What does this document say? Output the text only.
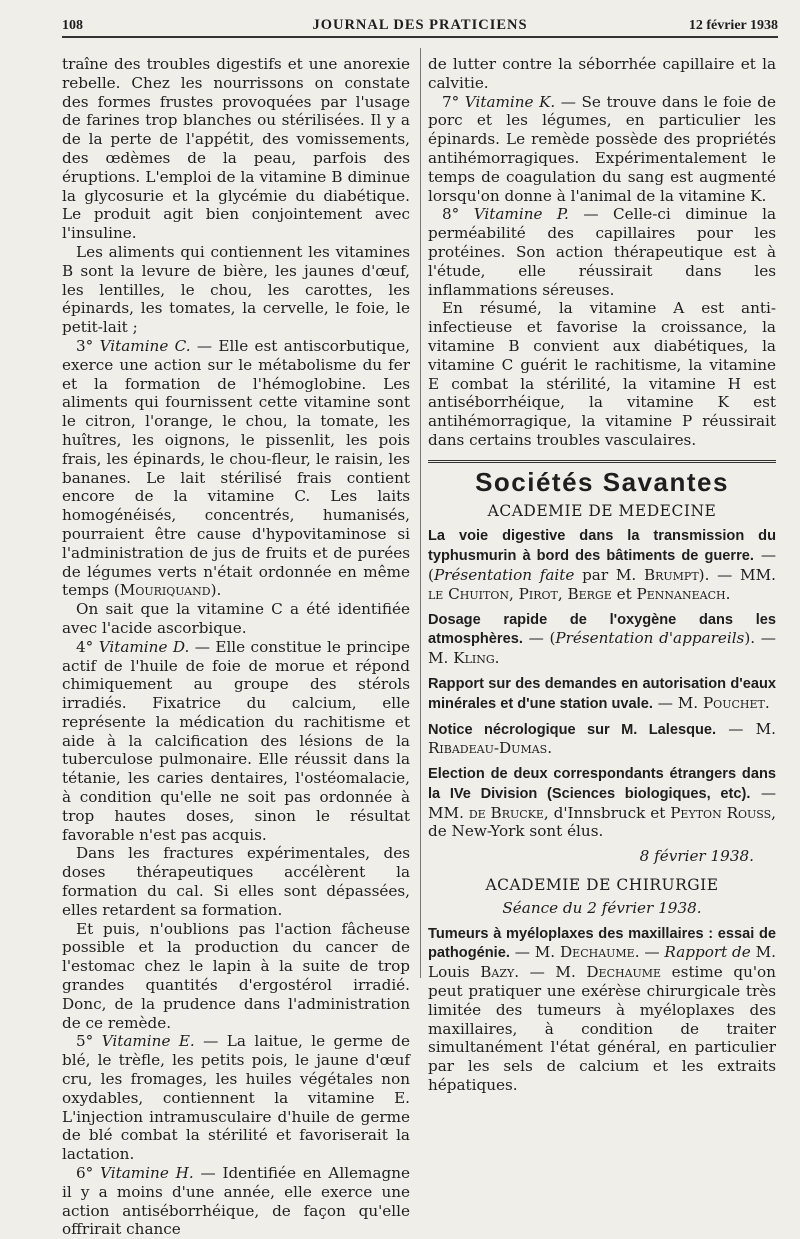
108	JOURNAL DES PRATICIENS	12 février 1938

traîne des troubles digestifs et une anorexie rebelle. Chez les nourrissons on constate des formes frustes provoquées par l'usage de farines trop blanches ou stérilisées. Il y a de la perte de l'appétit, des vomissements, des œdèmes de la peau, parfois des éruptions. L'emploi de la vitamine B diminue la glycosurie et la glycémie du diabétique. Le produit agit bien conjointement avec l'insuline.

Les aliments qui contiennent les vitamines B sont la levure de bière, les jaunes d'œuf, les lentilles, le chou, les carottes, les épinards, les tomates, la cervelle, le foie, le petit-lait ;

3° Vitamine C. — Elle est antiscorbutique, exerce une action sur le métabolisme du fer et la formation de l'hémoglobine. Les aliments qui fournissent cette vitamine sont le citron, l'orange, le chou, la tomate, les huîtres, les oignons, le pissenlit, les pois frais, les épinards, le chou-fleur, le raisin, les bananes. Le lait stérilisé frais contient encore de la vitamine C. Les laits homogénéisés, concentrés, humanisés, pourraient être cause d'hypovitaminose si l'administration de jus de fruits et de purées de légumes verts n'était ordonnée en même temps (Mouriquand).

On sait que la vitamine C a été identifiée avec l'acide ascorbique.

4° Vitamine D. — Elle constitue le principe actif de l'huile de foie de morue et répond chimiquement au groupe des stérols irradiés. Fixatrice du calcium, elle représente la médication du rachitisme et aide à la calcification des lésions de la tuberculose pulmonaire. Elle réussit dans la tétanie, les caries dentaires, l'ostéomalacie, à condition qu'elle ne soit pas ordonnée à trop hautes doses, sinon le résultat favorable n'est pas acquis.

Dans les fractures expérimentales, des doses thérapeutiques accélèrent la formation du cal. Si elles sont dépassées, elles retardent sa formation.

Et puis, n'oublions pas l'action fâcheuse possible et la production du cancer de l'estomac chez le lapin à la suite de trop grandes quantités d'ergostérol irradié. Donc, de la prudence dans l'administration de ce remède.

5° Vitamine E. — La laitue, le germe de blé, le trèfle, les petits pois, le jaune d'œuf cru, les fromages, les huiles végétales non oxydables, contiennent la vitamine E. L'injection intramusculaire d'huile de germe de blé combat la stérilité et favoriserait la lactation.

6° Vitamine H. — Identifiée en Allemagne il y a moins d'une année, elle exerce une action antiséborrhéique, de façon qu'elle offrirait chance

de lutter contre la séborrhée capillaire et la calvitie.

7° Vitamine K. — Se trouve dans le foie de porc et les légumes, en particulier les épinards. Le remède possède des propriétés antihémorragiques. Expérimentalement le temps de coagulation du sang est augmenté lorsqu'on donne à l'animal de la vitamine K.

8° Vitamine P. — Celle-ci diminue la perméabilité des capillaires pour les protéines. Son action thérapeutique est à l'étude, elle réussirait dans les inflammations séreuses.

En résumé, la vitamine A est anti-infectieuse et favorise la croissance, la vitamine B convient aux diabétiques, la vitamine C guérit le rachitisme, la vitamine E combat la stérilité, la vitamine H est antiséborrhéique, la vitamine K est antihémorragique, la vitamine P réussirait dans certains troubles vasculaires.

Sociétés Savantes
ACADEMIE DE MEDECINE

La voie digestive dans la transmission du typhusmurin à bord des bâtiments de guerre. — (Présentation faite par M. Brumpt). — MM. le Chuiton, Pirot, Berge et Pennaneach.

Dosage rapide de l'oxygène dans les atmosphères. — (Présentation d'appareils). — M. Kling.

Rapport sur des demandes en autorisation d'eaux minérales et d'une station uvale. — M. Pouchet.

Notice nécrologique sur M. Lalesque. — M. Ribadeau-Dumas.

Election de deux correspondants étrangers dans la IVe Division (Sciences biologiques, etc). — MM. de Brucke, d'Innsbruck et Peyton Rouss, de New-York sont élus.

8 février 1938.
ACADEMIE DE CHIRURGIE
Séance du 2 février 1938.

Tumeurs à myéloplaxes des maxillaires : essai de pathogénie. — M. Dechaume. — Rapport de M. Louis Bazy. — M. Dechaume estime qu'on peut pratiquer une exérèse chirurgicale très limitée des tumeurs à myéloplaxes des maxillaires, à condition de traiter simultanément l'état général, en particulier par les sels de calcium et les extraits hépatiques.
